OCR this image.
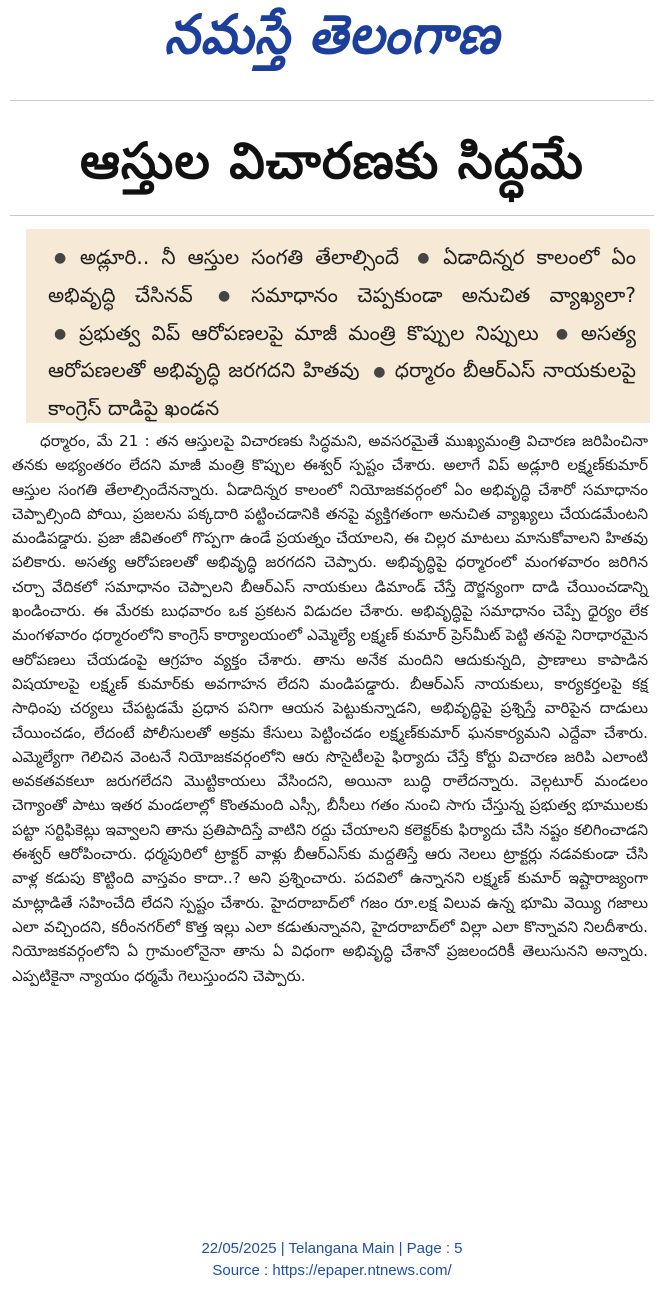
నమస్తే తెలంగాణ
ఆస్తుల విచారణకు సిద్ధమే
● అడ్లూరి.. నీ ఆస్తుల సంగతి తేలాల్సిందే ● ఏడాదిన్నర కాలంలో ఏం అభివృద్ధి చేసినవ్ ● సమాధానం చెప్పకుండా అనుచిత వ్యాఖ్యలా? ● ప్రభుత్వ విప్ ఆరోపణలపై మాజీ మంత్రి కొప్పుల నిప్పులు ● అసత్య ఆరోపణలతో అభివృద్ధి జరగదని హితవు ● ధర్మారం బీఆర్ఎస్ నాయకులపై కాంగ్రెస్ దాడిపై ఖండన

ధర్మారం, మే 21 : తన ఆస్తులపై విచారణకు సిద్ధమని, అవసరమైతే ముఖ్యమంత్రి విచారణ జరిపించినా తనకు అభ్యంతరం లేదని మాజీ మంత్రి కొప్పుల ఈశ్వర్ స్పష్టం చేశారు. అలాగే విప్ అడ్లూరి లక్ష్మణ్‌కుమార్ ఆస్తుల సంగతి తేలాల్సిందేనన్నారు. ఏడాదిన్నర కాలంలో నియోజకవర్గంలో ఏం అభివృద్ధి చేశారో సమాధానం చెప్పాల్సింది పోయి, ప్రజలను పక్కదారి పట్టించడానికి తనపై వ్యక్తిగతంగా అనుచిత వ్యాఖ్యలు చేయడమేంటని మండిపడ్డారు. ప్రజా జీవితంలో గొప్పగా ఉండే ప్రయత్నం చేయాలని, ఈ చిల్లర మాటలు మానుకోవాలని హితవు పలికారు. అసత్య ఆరోపణలతో అభివృద్ధి జరగదని చెప్పారు. అభివృద్ధిపై ధర్మారంలో మంగళవారం జరిగిన చర్చా వేదికలో సమాధానం చెప్పాలని బీఆర్ఎస్ నాయకులు డిమాండ్ చేస్తే దౌర్జన్యంగా దాడి చేయించడాన్ని ఖండించారు. ఈ మేరకు బుధవారం ఒక ప్రకటన విడుదల చేశారు. అభివృద్ధిపై సమాధానం చెప్పే ధైర్యం లేక మంగళవారం ధర్మారంలోని కాంగ్రెస్ కార్యాలయంలో ఎమ్మెల్యే లక్ష్మణ్ కుమార్ ప్రెస్‌మీట్ పెట్టి తనపై నిరాధారమైన ఆరోపణలు చేయడంపై ఆగ్రహం వ్యక్తం చేశారు. తాను అనేక మందిని ఆదుకున్నది, ప్రాణాలు కాపాడిన విషయాలపై లక్ష్మణ్ కుమార్‌కు అవగాహన లేదని మండిపడ్డారు. బీఆర్ఎస్ నాయకులు, కార్యకర్తలపై కక్ష సాధింపు చర్యలు చేపట్టడమే ప్రధాన పనిగా ఆయన పెట్టుకున్నాడని, అభివృద్ధిపై ప్రశ్నిస్తే వారిపైన దాడులు చేయించడం, లేదంటే పోలీసులతో అక్రమ కేసులు పెట్టించడం లక్ష్మణ్‌కుమార్ ఘనకార్యమని ఎద్దేవా చేశారు. ఎమ్మెల్యేగా గెలిచిన వెంటనే నియోజకవర్గంలోని ఆరు సొసైటీలపై ఫిర్యాదు చేస్తే కోర్టు విచారణ జరిపి ఎలాంటి అవకతవకలూ జరుగలేదని మొట్టికాయలు వేసిందని, అయినా బుద్ధి రాలేదన్నారు. వెల్గటూర్ మండలం చెగ్యాంతో పాటు ఇతర మండలాల్లో కొంతమంది ఎస్సీ, బీసీలు గతం నుంచి సాగు చేస్తున్న ప్రభుత్వ భూములకు పట్టా సర్టిఫికెట్లు ఇవ్వాలని తాను ప్రతిపాదిస్తే వాటిని రద్దు చేయాలని కలెక్టర్‌కు ఫిర్యాదు చేసి నష్టం కలిగించాడని ఈశ్వర్ ఆరోపించారు. ధర్మపురిలో ట్రాక్టర్ వాళ్లు బీఆర్ఎస్‌కు మద్దతిస్తే ఆరు నెలలు ట్రాక్టర్లు నడవకుండా చేసి వాళ్ల కడుపు కొట్టింది వాస్తవం కాదా..? అని ప్రశ్నించారు. పదవిలో ఉన్నానని లక్ష్మణ్ కుమార్ ఇష్టారాజ్యంగా మాట్లాడితే సహించేది లేదని స్పష్టం చేశారు. హైదరాబాద్‌లో గజం రూ.లక్ష విలువ ఉన్న భూమి వెయ్యి గజాలు ఎలా వచ్చిందని, కరీంనగర్‌లో కొత్త ఇల్లు ఎలా కడుతున్నావని, హైదరాబాద్‌లో విల్లా ఎలా కొన్నావని నిలదీశారు. నియోజకవర్గంలోని ఏ గ్రామంలోనైనా తాను ఏ విధంగా అభివృద్ధి చేశానో ప్రజలందరికీ తెలుసునని అన్నారు. ఎప్పటికైనా న్యాయం ధర్మమే గెలుస్తుందని చెప్పారు.

22/05/2025 | Telangana Main | Page : 5
Source : https://epaper.ntnews.com/
